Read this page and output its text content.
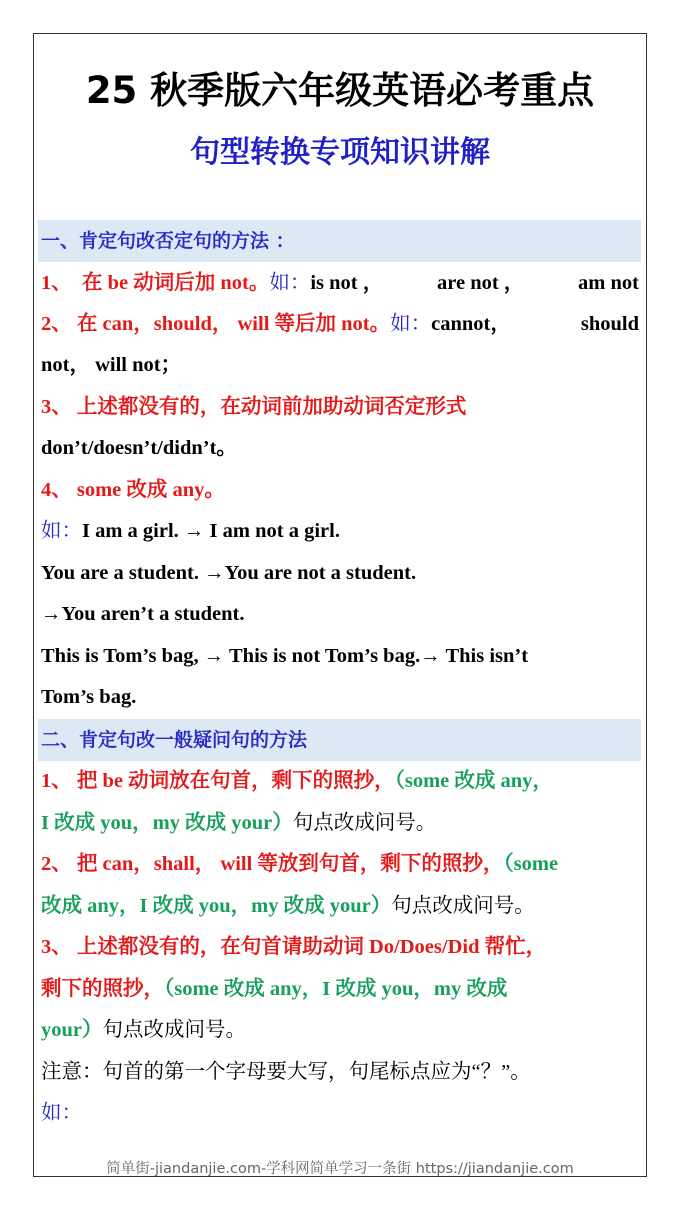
25 秋季版六年级英语必考重点
句型转换专项知识讲解
一、肯定句改否定句的方法 ：
1、 在 be 动词后加 not。如：is not ，	are not ，	am not
2、 在 can，should， will 等后加 not。如：cannot，	should
not， will not；
3、 上述都没有的，在动词前加助动词否定形式
don’t/doesn’t/didn’t。
4、 some 改成 any。
如：I am a girl. → I am not a girl.
You are a student. →You are not a student.
→You aren’t a student.
This is Tom’s bag, → This is not Tom’s bag.→ This isn’t
Tom’s bag.
二、肯定句改一般疑问句的方法
1、 把 be 动词放在句首，剩下的照抄，（some 改成 any，
I 改成 you，my 改成 your）句点改成问号。
2、 把 can，shall， will 等放到句首，剩下的照抄，（some
改成 any，I 改成 you，my 改成 your）句点改成问号。
3、 上述都没有的，在句首请助动词 Do/Does/Did 帮忙，
剩下的照抄，（some 改成 any，I 改成 you，my 改成
your）句点改成问号。
注意：句首的第一个字母要大写，句尾标点应为“？”。
如：
简单街-jiandanjie.com-学科网简单学习一条街 https://jiandanjie.com
